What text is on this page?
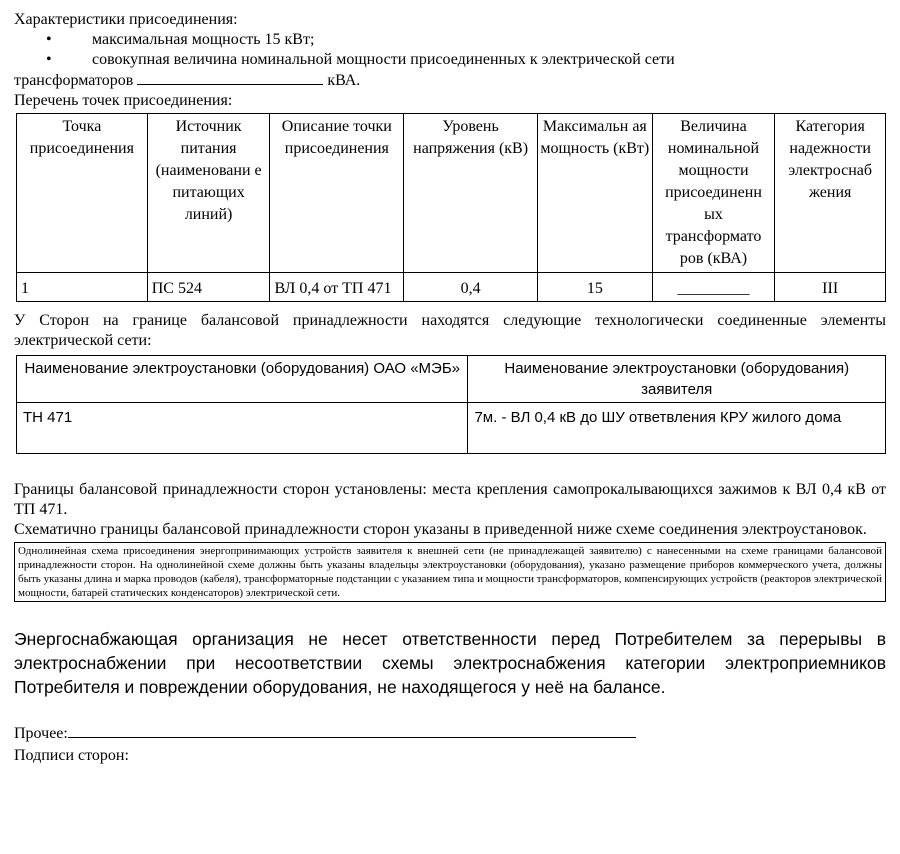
Характеристики присоединения:

•	максимальная мощность 15 кВт;
•	совокупная величина номинальной мощности присоединенных к электрической сети

трансформаторов	кВА.

Перечень точек присоединения:

Точка присоединения	Источник питания (наименовани е питающих линий)	Описание точки присоединения	Уровень напряжения (кВ)	Максимальн ая мощность (кВт)	Величина номинальной мощности присоединенн ых трансформато ров (кВА)	Категория надежности электроснаб жения
1	ПС 524	ВЛ 0,4 от ТП 471	0,4	15	_________	III

У Сторон на границе балансовой принадлежности находятся следующие технологически соединенные элементы электрической сети:

Наименование электроустановки (оборудования) ОАО «МЭБ»	Наименование электроустановки (оборудования) заявителя
ТН 471	7м. - ВЛ 0,4 кВ до ШУ ответвления КРУ жилого дома

Границы балансовой принадлежности сторон установлены: места крепления самопрокалывающихся зажимов к ВЛ 0,4 кВ от ТП 471.

Схематично границы балансовой принадлежности сторон указаны в приведенной ниже схеме соединения электроустановок.

Однолинейная схема присоединения энергопринимающих устройств заявителя к внешней сети (не принадлежащей заявителю) с нанесенными на схеме границами балансовой принадлежности сторон. На однолинейной схеме должны быть указаны владельцы электроустановки (оборудования), указано размещение приборов коммерческого учета, должны быть указаны длина и марка проводов (кабеля), трансформаторные подстанции с указанием типа и мощности трансформаторов, компенсирующих устройств (реакторов электрической мощности, батарей статических конденсаторов) электрической сети.

Энергоснабжающая организация не несет ответственности перед Потребителем за перерывы в электроснабжении при несоответствии схемы электроснабжения категории электроприемников Потребителя и повреждении оборудования, не находящегося у неё на балансе.

Прочее:

Подписи сторон:
